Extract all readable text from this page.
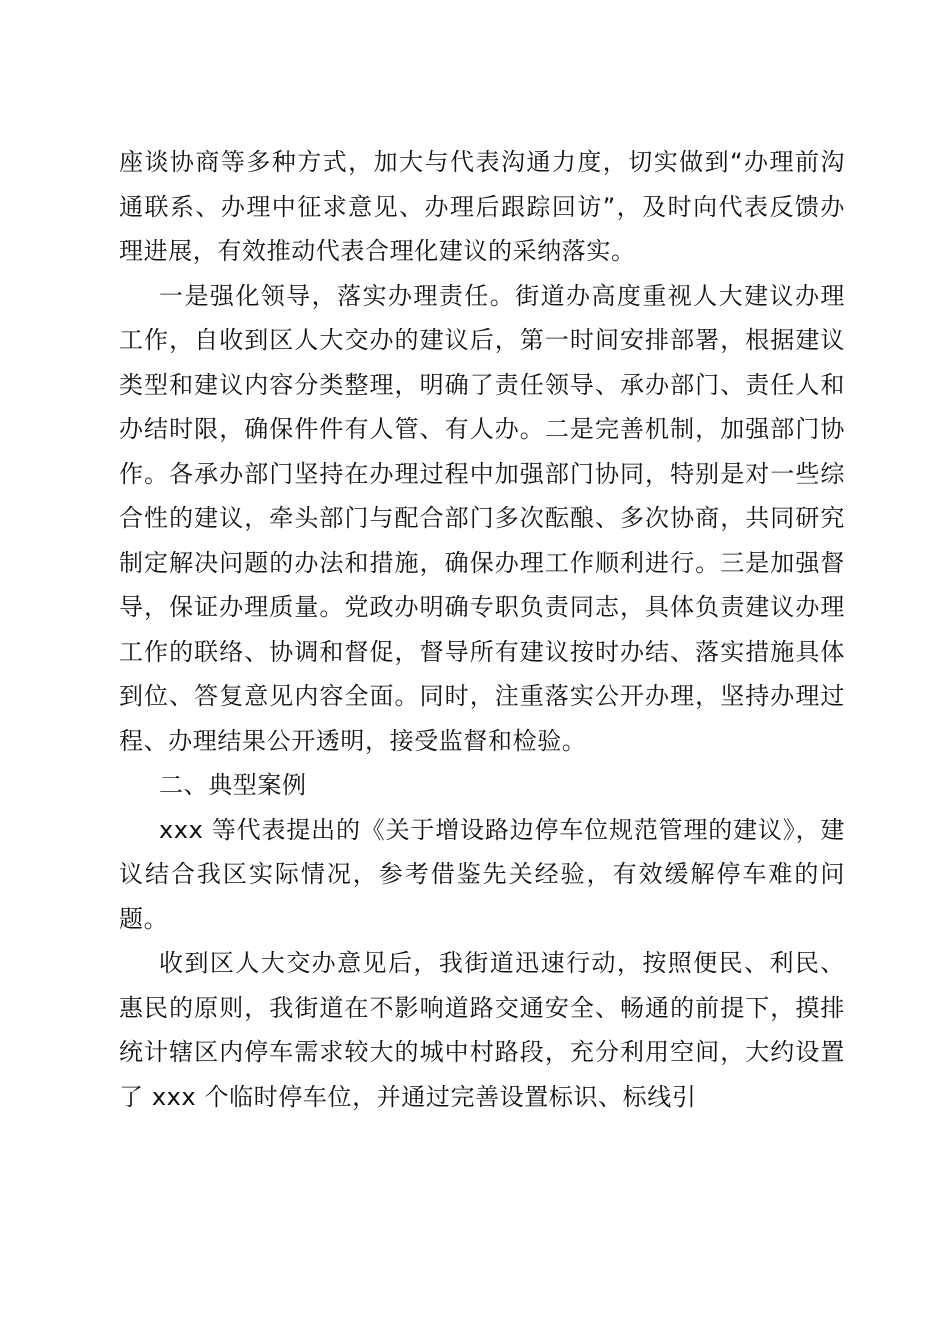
座谈协商等多种方式，加大与代表沟通力度，切实做到“办理前沟通联系、办理中征求意见、办理后跟踪回访”，及时向代表反馈办理进展，有效推动代表合理化建议的采纳落实。

一是强化领导，落实办理责任。街道办高度重视人大建议办理工作，自收到区人大交办的建议后，第一时间安排部署，根据建议类型和建议内容分类整理，明确了责任领导、承办部门、责任人和办结时限，确保件件有人管、有人办。二是完善机制，加强部门协作。各承办部门坚持在办理过程中加强部门协同，特别是对一些综合性的建议，牵头部门与配合部门多次酝酿、多次协商，共同研究制定解决问题的办法和措施，确保办理工作顺利进行。三是加强督导，保证办理质量。党政办明确专职负责同志，具体负责建议办理工作的联络、协调和督促，督导所有建议按时办结、落实措施具体到位、答复意见内容全面。同时，注重落实公开办理，坚持办理过程、办理结果公开透明，接受监督和检验。

二、典型案例

xxx 等代表提出的《关于增设路边停车位规范管理的建议》，建议结合我区实际情况，参考借鉴先关经验，有效缓解停车难的问题。

收到区人大交办意见后，我街道迅速行动，按照便民、利民、惠民的原则，我街道在不影响道路交通安全、畅通的前提下，摸排统计辖区内停车需求较大的城中村路段，充分利用空间，大约设置了 xxx 个临时停车位，并通过完善设置标识、标线引
